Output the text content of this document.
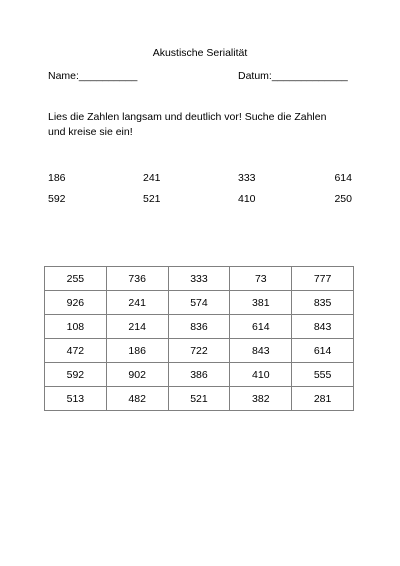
Akustische Serialität
Name:__________	Datum:_____________
Lies die Zahlen langsam und deutlich vor! Suche die Zahlen
und kreise sie ein!
186	241	333	614
592	521	410	250
255	736	333	73	777
926	241	574	381	835
108	214	836	614	843
472	186	722	843	614
592	902	386	410	555
513	482	521	382	281
